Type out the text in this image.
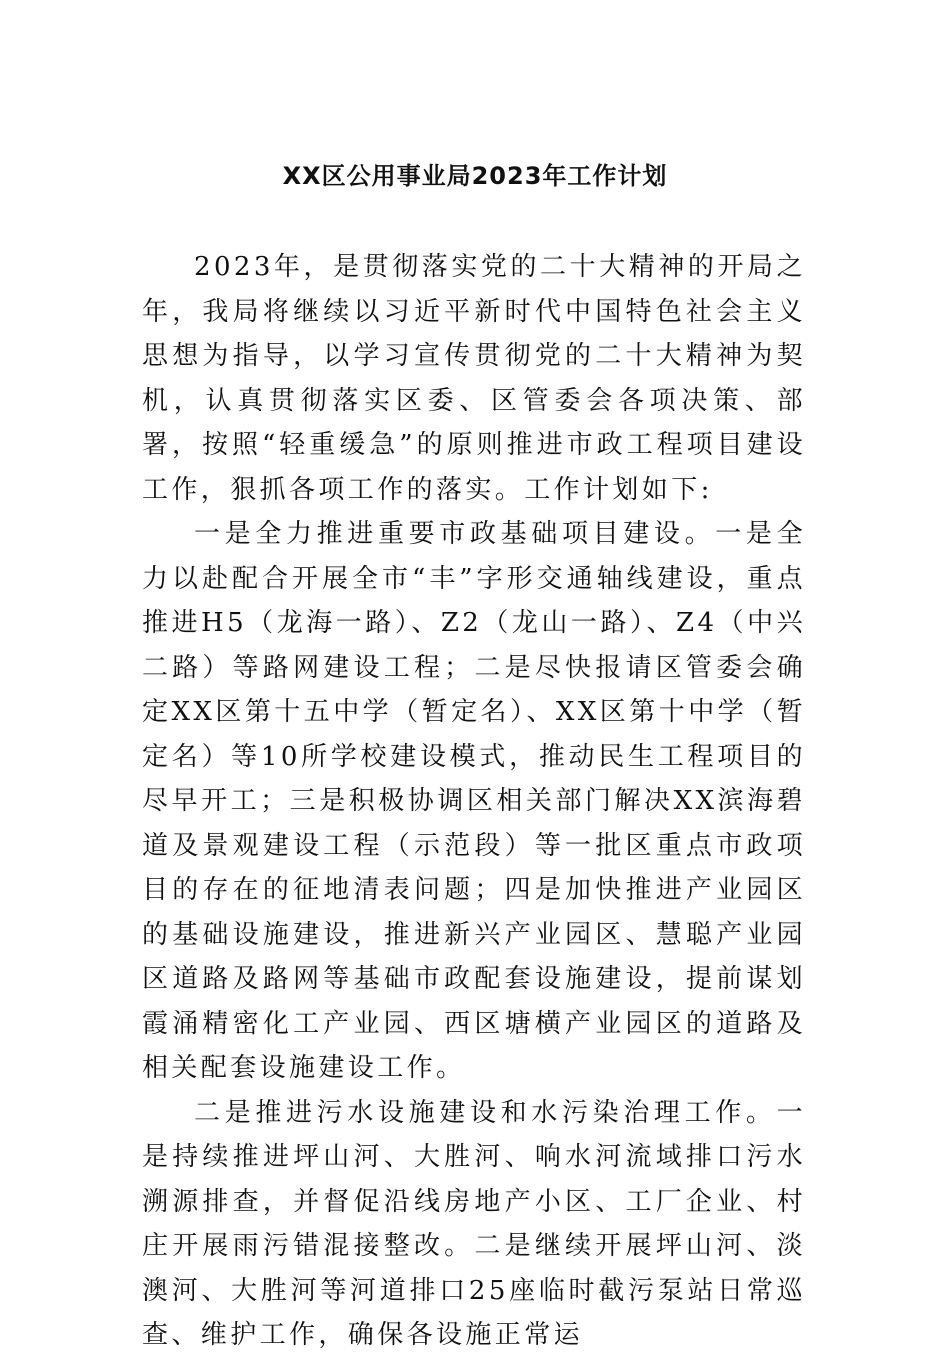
XX区公用事业局2023年工作计划

2023年，是贯彻落实党的二十大精神的开局之年，我局将继续以习近平新时代中国特色社会主义思想为指导，以学习宣传贯彻党的二十大精神为契机，认真贯彻落实区委、区管委会各项决策、部署，按照“轻重缓急”的原则推进市政工程项目建设工作，狠抓各项工作的落实。工作计划如下:

一是全力推进重要市政基础项目建设。一是全力以赴配合开展全市“丰”字形交通轴线建设，重点推进H5（龙海一路）、Z2（龙山一路）、Z4（中兴二路）等路网建设工程；二是尽快报请区管委会确定XX区第十五中学（暂定名）、XX区第十中学（暂定名）等10所学校建设模式，推动民生工程项目的尽早开工；三是积极协调区相关部门解决XX滨海碧道及景观建设工程（示范段）等一批区重点市政项目的存在的征地清表问题；四是加快推进产业园区的基础设施建设，推进新兴产业园区、慧聪产业园区道路及路网等基础市政配套设施建设，提前谋划霞涌精密化工产业园、西区塘横产业园区的道路及相关配套设施建设工作。

二是推进污水设施建设和水污染治理工作。一是持续推进坪山河、大胜河、响水河流域排口污水溯源排查，并督促沿线房地产小区、工厂企业、村庄开展雨污错混接整改。二是继续开展坪山河、淡澳河、大胜河等河道排口25座临时截污泵站日常巡查、维护工作，确保各设施正常运
